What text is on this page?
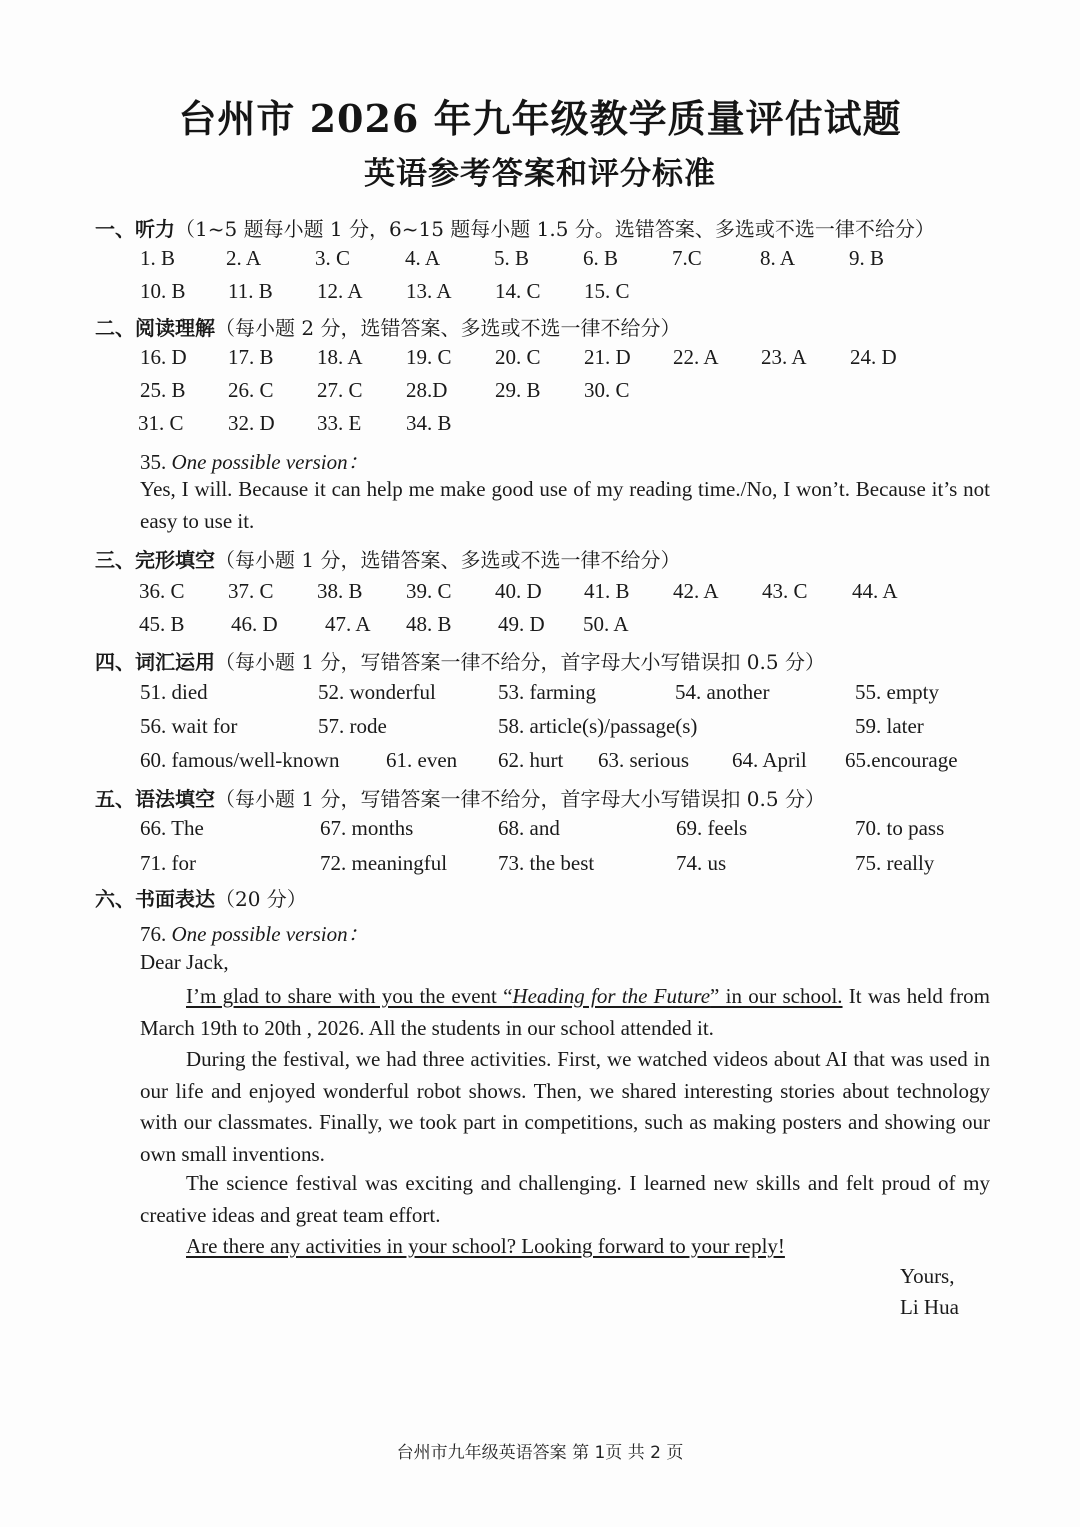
台州市 2026 年九年级教学质量评估试题
英语参考答案和评分标准
一、听力（1~5 题每小题 1 分，6~15 题每小题 1.5 分。选错答案、多选或不选一律不给分）
1. B 2. A	3. C	4. A	5. B	6. B	7.C	8. A	9. B
10. B 11. B 12. A 13. A 14. C 15. C
二、阅读理解（每小题 2 分，选错答案、多选或不选一律不给分）
16. D 17. B 18. A 19. C 20. C 21. D 22. A 23. A 24. D
25. B 26. C 27. C 28.D 29. B 30. C
31. C 32. D 33. E 34. B
35. One possible version：
Yes, I will. Because it can help me make good use of my reading time./No, I won’t. Because it’s not easy to use it.
三、完形填空（每小题 1 分，选错答案、多选或不选一律不给分）
36. C 37. C 38. B 39. C 40. D 41. B 42. A 43. C 44. A
45. B 46. D 47. A 48. B 49. D 50. A
四、词汇运用（每小题 1 分，写错答案一律不给分，首字母大小写错误扣 0.5 分）
51. died	52. wonderful	53. farming	54. another	55. empty
56. wait for	57. rode	58. article(s)/passage(s)	59. later
60. famous/well-known 61. even 62. hurt 63. serious 64. April 65.encourage
五、语法填空（每小题 1 分，写错答案一律不给分，首字母大小写错误扣 0.5 分）
66. The	67. months	68. and	69. feels	70. to pass
71. for	72. meaningful 73. the best	74. us	75. really
六、书面表达（20 分）
76. One possible version：
Dear Jack,
I’m glad to share with you the event “Heading for the Future” in our school. It was held from March 19th to 20th , 2026. All the students in our school attended it.
During the festival, we had three activities. First, we watched videos about AI that was used in our life and enjoyed wonderful robot shows. Then, we shared interesting stories about technology with our classmates. Finally, we took part in competitions, such as making posters and showing our own small inventions.
The science festival was exciting and challenging. I learned new skills and felt proud of my creative ideas and great team effort.
Are there any activities in your school? Looking forward to your reply!
Yours,
Li Hua
台州市九年级英语答案 第 1页 共 2 页
